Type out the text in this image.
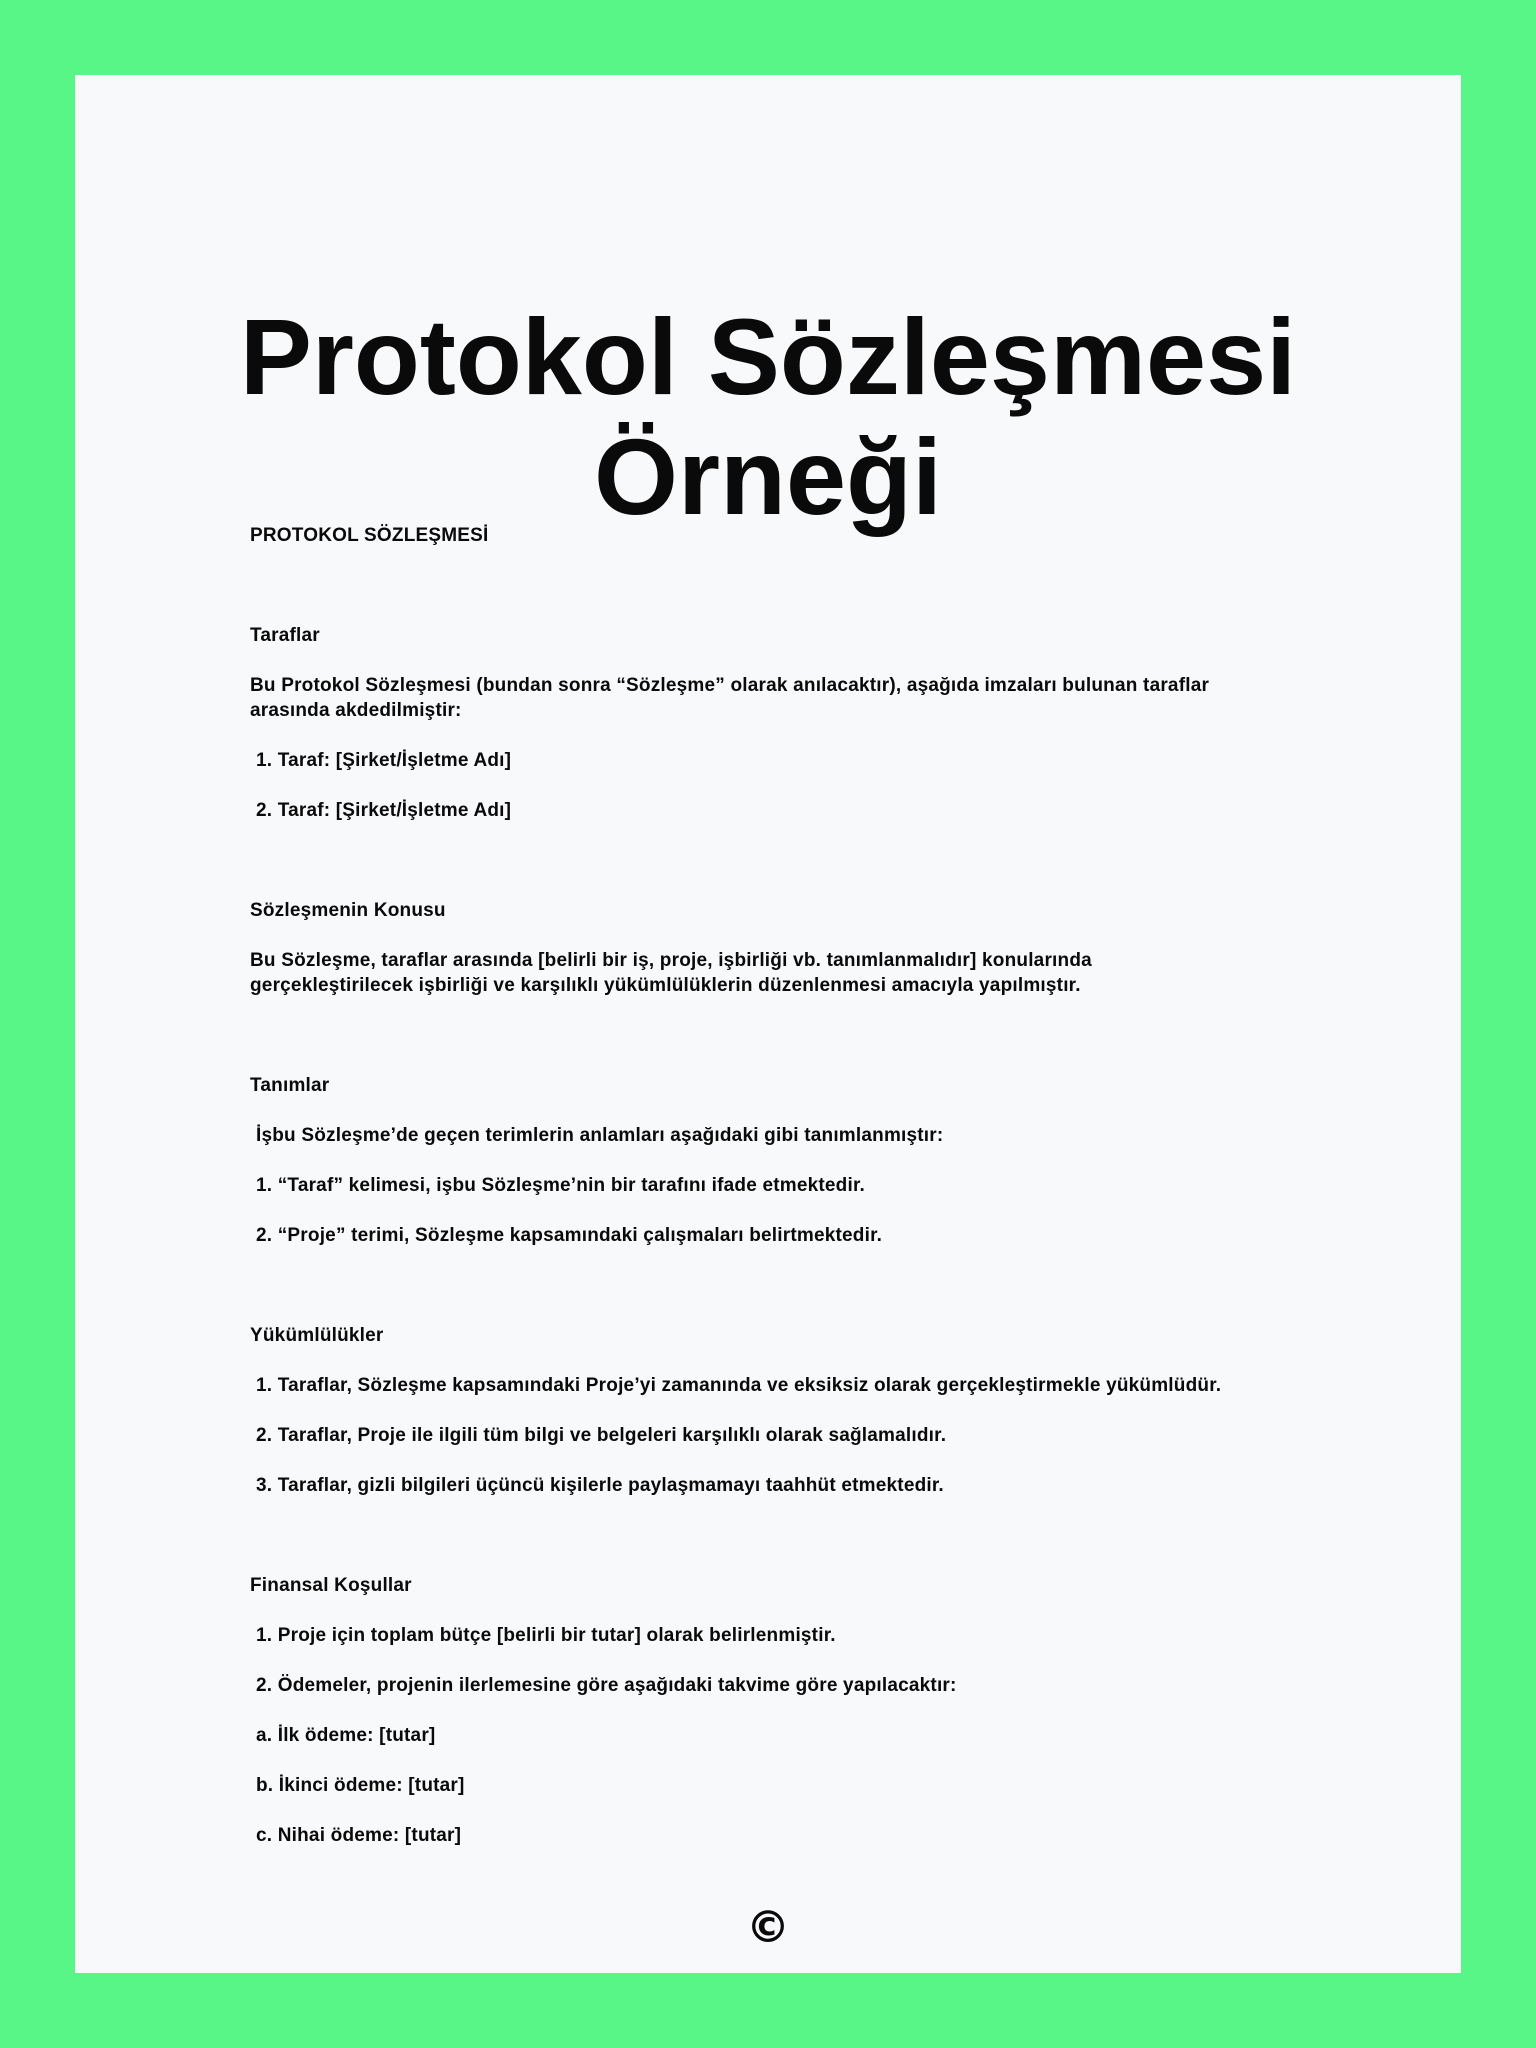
Protokol Sözleşmesi Örneği

PROTOKOL SÖZLEŞMESİ

Taraflar

Bu Protokol Sözleşmesi (bundan sonra “Sözleşme” olarak anılacaktır), aşağıda imzaları bulunan taraflar arasında akdedilmiştir:

1. Taraf: [Şirket/İşletme Adı]

2. Taraf: [Şirket/İşletme Adı]

Sözleşmenin Konusu

Bu Sözleşme, taraflar arasında [belirli bir iş, proje, işbirliği vb. tanımlanmalıdır] konularında gerçekleştirilecek işbirliği ve karşılıklı yükümlülüklerin düzenlenmesi amacıyla yapılmıştır.

Tanımlar

İşbu Sözleşme’de geçen terimlerin anlamları aşağıdaki gibi tanımlanmıştır:

1. “Taraf” kelimesi, işbu Sözleşme’nin bir tarafını ifade etmektedir.

2. “Proje” terimi, Sözleşme kapsamındaki çalışmaları belirtmektedir.

Yükümlülükler

1. Taraflar, Sözleşme kapsamındaki Proje’yi zamanında ve eksiksiz olarak gerçekleştirmekle yükümlüdür.

2. Taraflar, Proje ile ilgili tüm bilgi ve belgeleri karşılıklı olarak sağlamalıdır.

3. Taraflar, gizli bilgileri üçüncü kişilerle paylaşmamayı taahhüt etmektedir.

Finansal Koşullar

1. Proje için toplam bütçe [belirli bir tutar] olarak belirlenmiştir.

2. Ödemeler, projenin ilerlemesine göre aşağıdaki takvime göre yapılacaktır:

a. İlk ödeme: [tutar]

b. İkinci ödeme: [tutar]

c. Nihai ödeme: [tutar]

©
